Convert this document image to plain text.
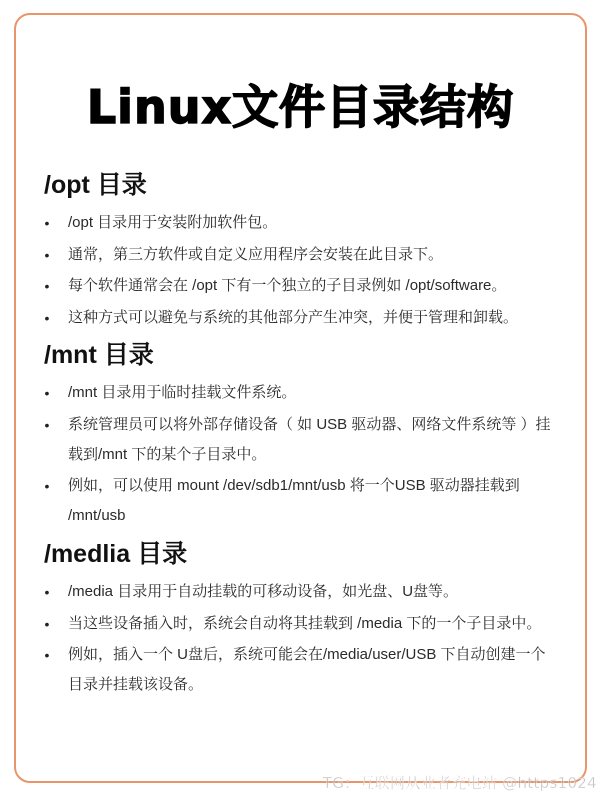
Linux文件目录结构
/opt 目录
• /opt 目录用于安装附加软件包。
• 通常，第三方软件或自定义应用程序会安装在此目录下。
• 每个软件通常会在 /opt 下有一个独立的子目录例如 /opt/software。
• 这种方式可以避免与系统的其他部分产生冲突，并便于管理和卸载。
/mnt 目录
• /mnt 目录用于临时挂载文件系统。
• 系统管理员可以将外部存储设备（ 如 USB 驱动器、网络文件系统等 ）挂载到/mnt 下的某个子目录中。
• 例如，可以使用 mount /dev/sdb1/mnt/usb 将一个USB 驱动器挂载到 /mnt/usb
/medlia 目录
• /media 目录用于自动挂载的可移动设备，如光盘、U盘等。
• 当这些设备插入时，系统会自动将其挂载到 /media 下的一个子目录中。
• 例如，插入一个 U盘后，系统可能会在/media/user/USB 下自动创建一个目录并挂载该设备。
TG：互联网从业者充电站 @https1024
